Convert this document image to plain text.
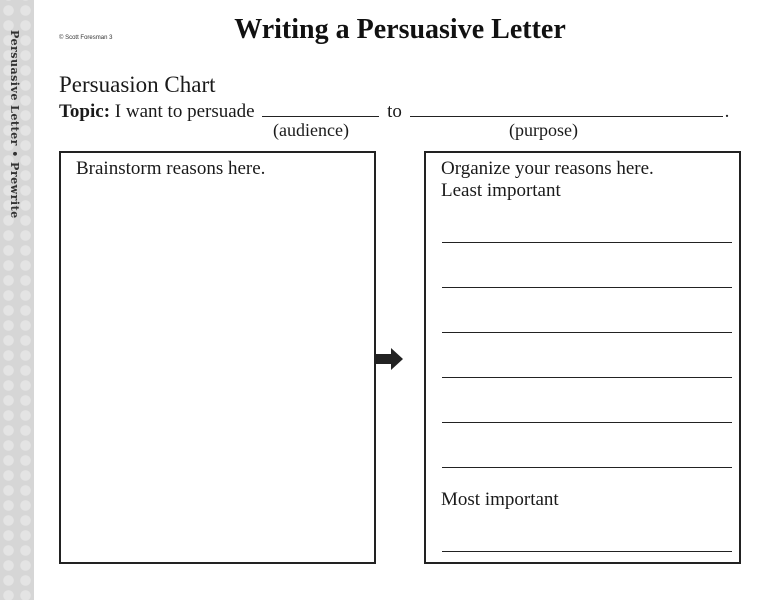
Persuasive Letter • Prewrite	© Scott Foresman 3	Writing a Persuasive Letter
Persuasion Chart
Topic: I want to persuade	to	.
(audience)	(purpose)
Brainstorm reasons here.	Organize your reasons here.
Least important
Most important
